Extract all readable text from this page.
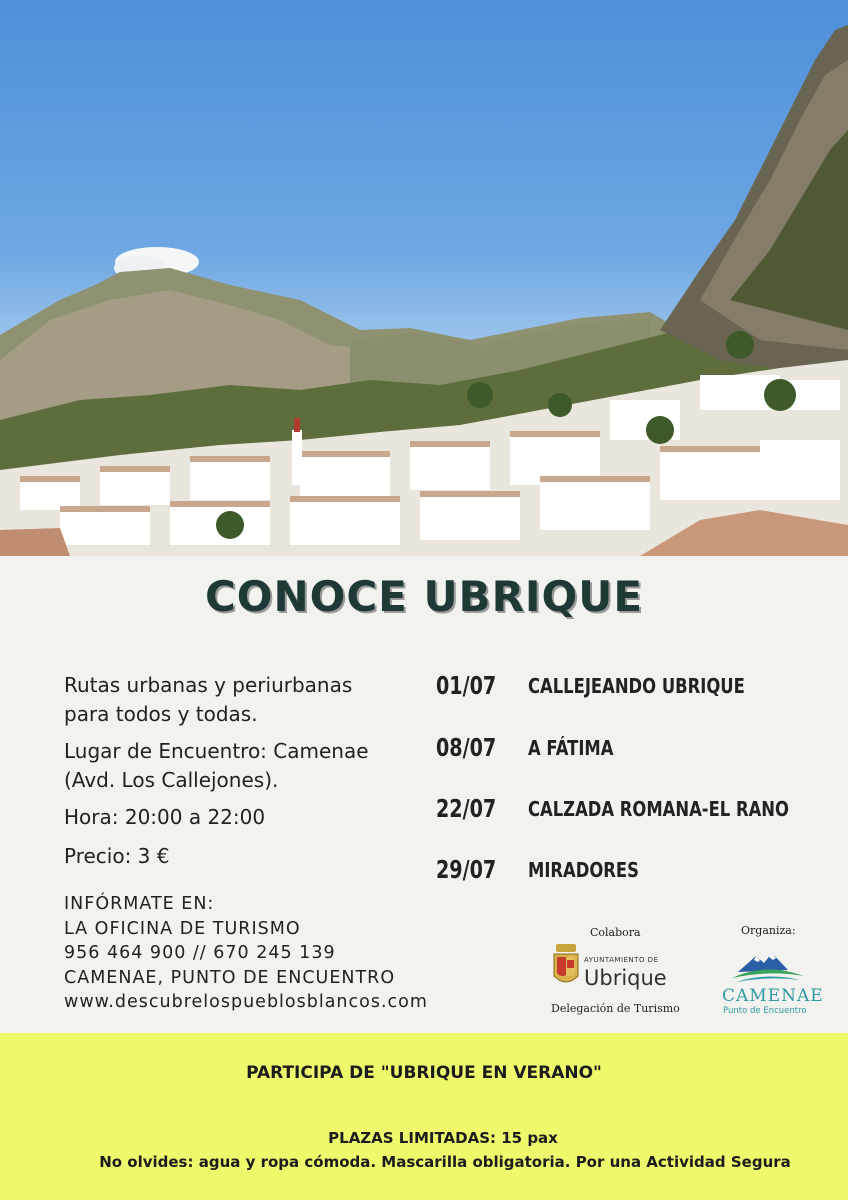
CONOCE UBRIQUE
Rutas urbanas y periurbanas
para todos y todas.
Lugar de Encuentro: Camenae
(Avd. Los Callejones).
Hora: 20:00 a 22:00
Precio: 3 €
INFÓRMATE EN:
LA OFICINA DE TURISMO
956 464 900 // 670 245 139
CAMENAE, PUNTO DE ENCUENTRO
www.descubrelospueblosblancos.com
01/07 CALLEJEANDO UBRIQUE
08/07 A FÁTIMA
22/07 CALZADA ROMANA-EL RANO
29/07 MIRADORES
Colabora
AYUNTAMIENTO DE
Ubrique
Delegación de Turismo
Organiza:
CAMENAE
Punto de Encuentro
PARTICIPA DE "UBRIQUE EN VERANO"
PLAZAS LIMITADAS: 15 pax
No olvides: agua y ropa cómoda. Mascarilla obligatoria. Por una Actividad Segura
